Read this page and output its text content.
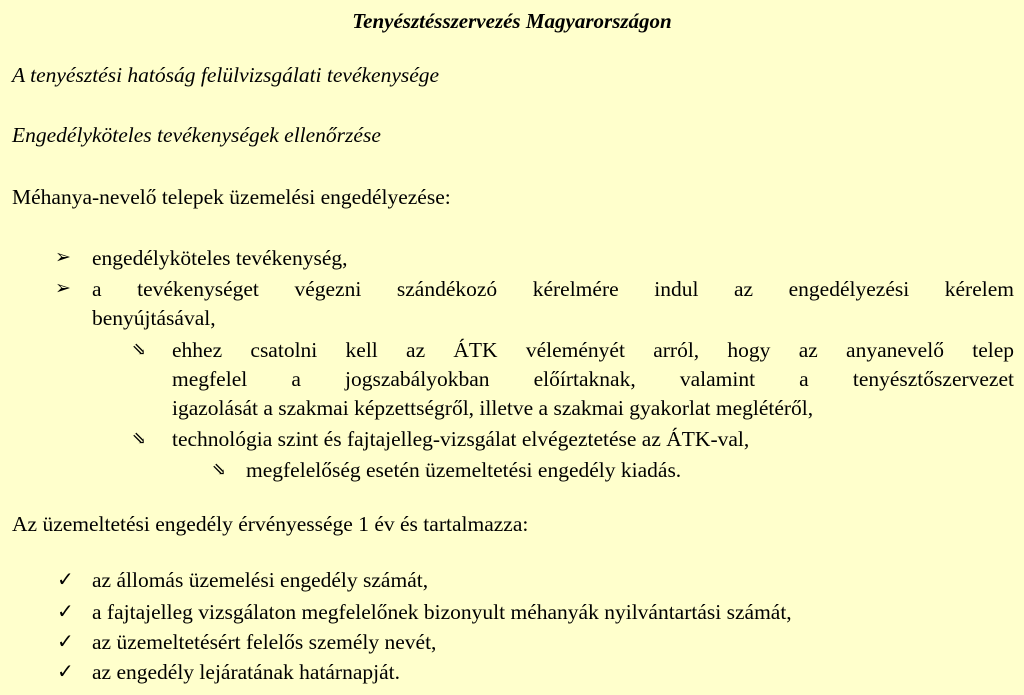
Tenyésztésszervezés Magyarországon
A tenyésztési hatóság felülvizsgálati tevékenysége
Engedélyköteles tevékenységek ellenőrzése
Méhanya-nevelő telepek üzemelési engedélyezése:
➢ engedélyköteles tevékenység,
➢ a tevékenységet végezni szándékozó kérelmére indul az engedélyezési kérelem
benyújtásával,
⇘ ehhez csatolni kell az ÁTK véleményét arról, hogy az anyanevelő telep
megfelel a jogszabályokban előírtaknak, valamint a tenyésztőszervezet
igazolását a szakmai képzettségről, illetve a szakmai gyakorlat meglétéről,
⇘ technológia szint és fajtajelleg-vizsgálat elvégeztetése az ÁTK-val,
⇘ megfelelőség esetén üzemeltetési engedély kiadás.
Az üzemeltetési engedély érvényessége 1 év és tartalmazza:
✓ az állomás üzemelési engedély számát,
✓ a fajtajelleg vizsgálaton megfelelőnek bizonyult méhanyák nyilvántartási számát,
✓ az üzemeltetésért felelős személy nevét,
✓ az engedély lejáratának határnapját.
